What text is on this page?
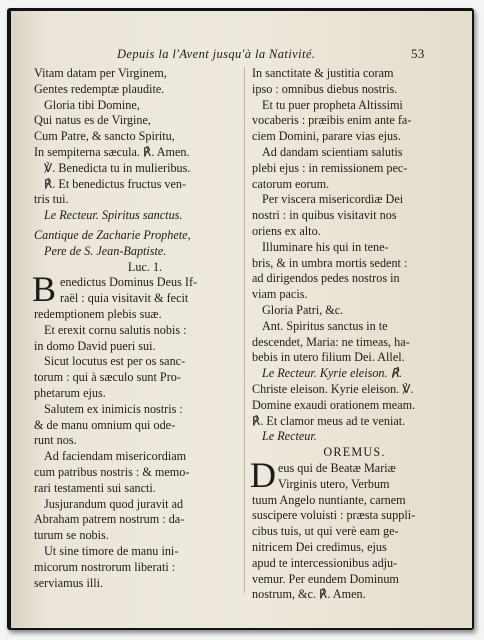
Depuis la l'Avent jusqu'à la Nativité.	53
Vitam datam per Virginem,
Gentes redemptæ plaudite.
Gloria tibi Domine,
Qui natus es de Virgine,
Cum Patre, & sancto Spiritu,
In sempiterna sæcula. ℟. Amen.
℣. Benedicta tu in mulieribus.
℟. Et benedictus fructus ven-
tris tui.
Le Recteur. Spiritus sanctus.
Cantique de Zacharie Prophete,
Pere de S. Jean-Baptiste.
Luc. 1.
B enedictus Dominus Deus If-
raël : quia visitavit & fecit
redemptionem plebis suæ.
Et erexit cornu salutis nobis :
in domo David pueri sui.
Sicut locutus est per os sanc-
torum : qui à sæculo sunt Pro-
phetarum ejus.
Salutem ex inimicis nostris :
& de manu omnium qui ode-
runt nos.
Ad faciendam misericordiam
cum patribus nostris : & memo-
rari testamenti sui sancti.
Jusjurandum quod juravit ad
Abraham patrem nostrum : da-
turum se nobis.
Ut sine timore de manu ini-
micorum nostrorum liberati :
serviamus illi.
In sanctitate & justitia coram
ipso : omnibus diebus nostris.
Et tu puer propheta Altissimi
vocaberis : præibis enim ante fa-
ciem Domini, parare vias ejus.
Ad dandam scientiam salutis
plebi ejus : in remissionem pec-
catorum eorum.
Per viscera misericordiæ Dei
nostri : in quibus visitavit nos
oriens ex alto.
Illuminare his qui in tene-
bris, & in umbra mortis sedent :
ad dirigendos pedes nostros in
viam pacis.
Gloria Patri, &c.
Ant. Spiritus sanctus in te
descendet, Maria: ne timeas, ha-
bebis in utero filium Dei. Allel.
Le Recteur. Kyrie eleison. ℟.
Christe eleison. Kyrie eleison. ℣.
Domine exaudi orationem meam.
℟. Et clamor meus ad te veniat.
Le Recteur.
OREMUS.
D eus qui de Beatæ Mariæ
Virginis utero, Verbum
tuum Angelo nuntiante, carnem
suscipere voluisti : præsta suppli-
cibus tuis, ut qui verè eam ge-
nitricem Dei credimus, ejus
apud te intercessionibus adju-
vemur. Per eundem Dominum
nostrum, &c. ℟. Amen.
